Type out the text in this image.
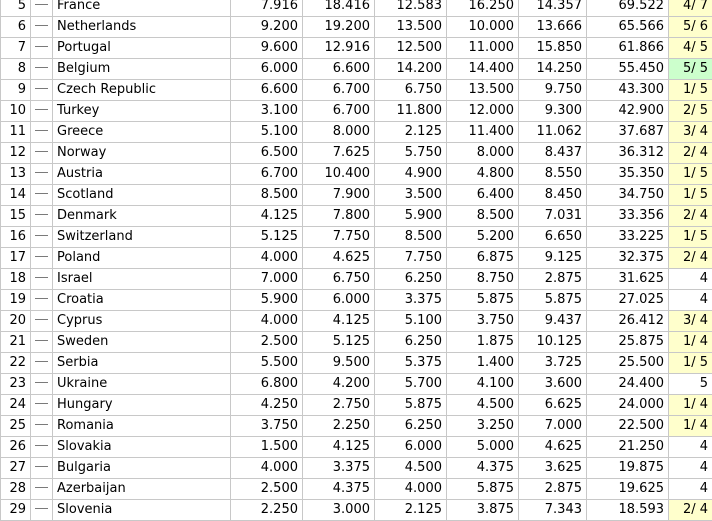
5		France	7.916	18.416	12.583	16.250	14.357	69.522	4/ 7
6		Netherlands	9.200	19.200	13.500	10.000	13.666	65.566	5/ 6
7		Portugal	9.600	12.916	12.500	11.000	15.850	61.866	4/ 5
8		Belgium	6.000	6.600	14.200	14.400	14.250	55.450	5/ 5
9		Czech Republic	6.600	6.700	6.750	13.500	9.750	43.300	1/ 5
10		Turkey	3.100	6.700	11.800	12.000	9.300	42.900	2/ 5
11		Greece	5.100	8.000	2.125	11.400	11.062	37.687	3/ 4
12		Norway	6.500	7.625	5.750	8.000	8.437	36.312	2/ 4
13		Austria	6.700	10.400	4.900	4.800	8.550	35.350	1/ 5
14		Scotland	8.500	7.900	3.500	6.400	8.450	34.750	1/ 5
15		Denmark	4.125	7.800	5.900	8.500	7.031	33.356	2/ 4
16		Switzerland	5.125	7.750	8.500	5.200	6.650	33.225	1/ 5
17		Poland	4.000	4.625	7.750	6.875	9.125	32.375	2/ 4
18		Israel	7.000	6.750	6.250	8.750	2.875	31.625	4
19		Croatia	5.900	6.000	3.375	5.875	5.875	27.025	4
20		Cyprus	4.000	4.125	5.100	3.750	9.437	26.412	3/ 4
21		Sweden	2.500	5.125	6.250	1.875	10.125	25.875	1/ 4
22		Serbia	5.500	9.500	5.375	1.400	3.725	25.500	1/ 5
23		Ukraine	6.800	4.200	5.700	4.100	3.600	24.400	5
24		Hungary	4.250	2.750	5.875	4.500	6.625	24.000	1/ 4
25		Romania	3.750	2.250	6.250	3.250	7.000	22.500	1/ 4
26		Slovakia	1.500	4.125	6.000	5.000	4.625	21.250	4
27		Bulgaria	4.000	3.375	4.500	4.375	3.625	19.875	4
28		Azerbaijan	2.500	4.375	4.000	5.875	2.875	19.625	4
29		Slovenia	2.250	3.000	2.125	3.875	7.343	18.593	2/ 4
